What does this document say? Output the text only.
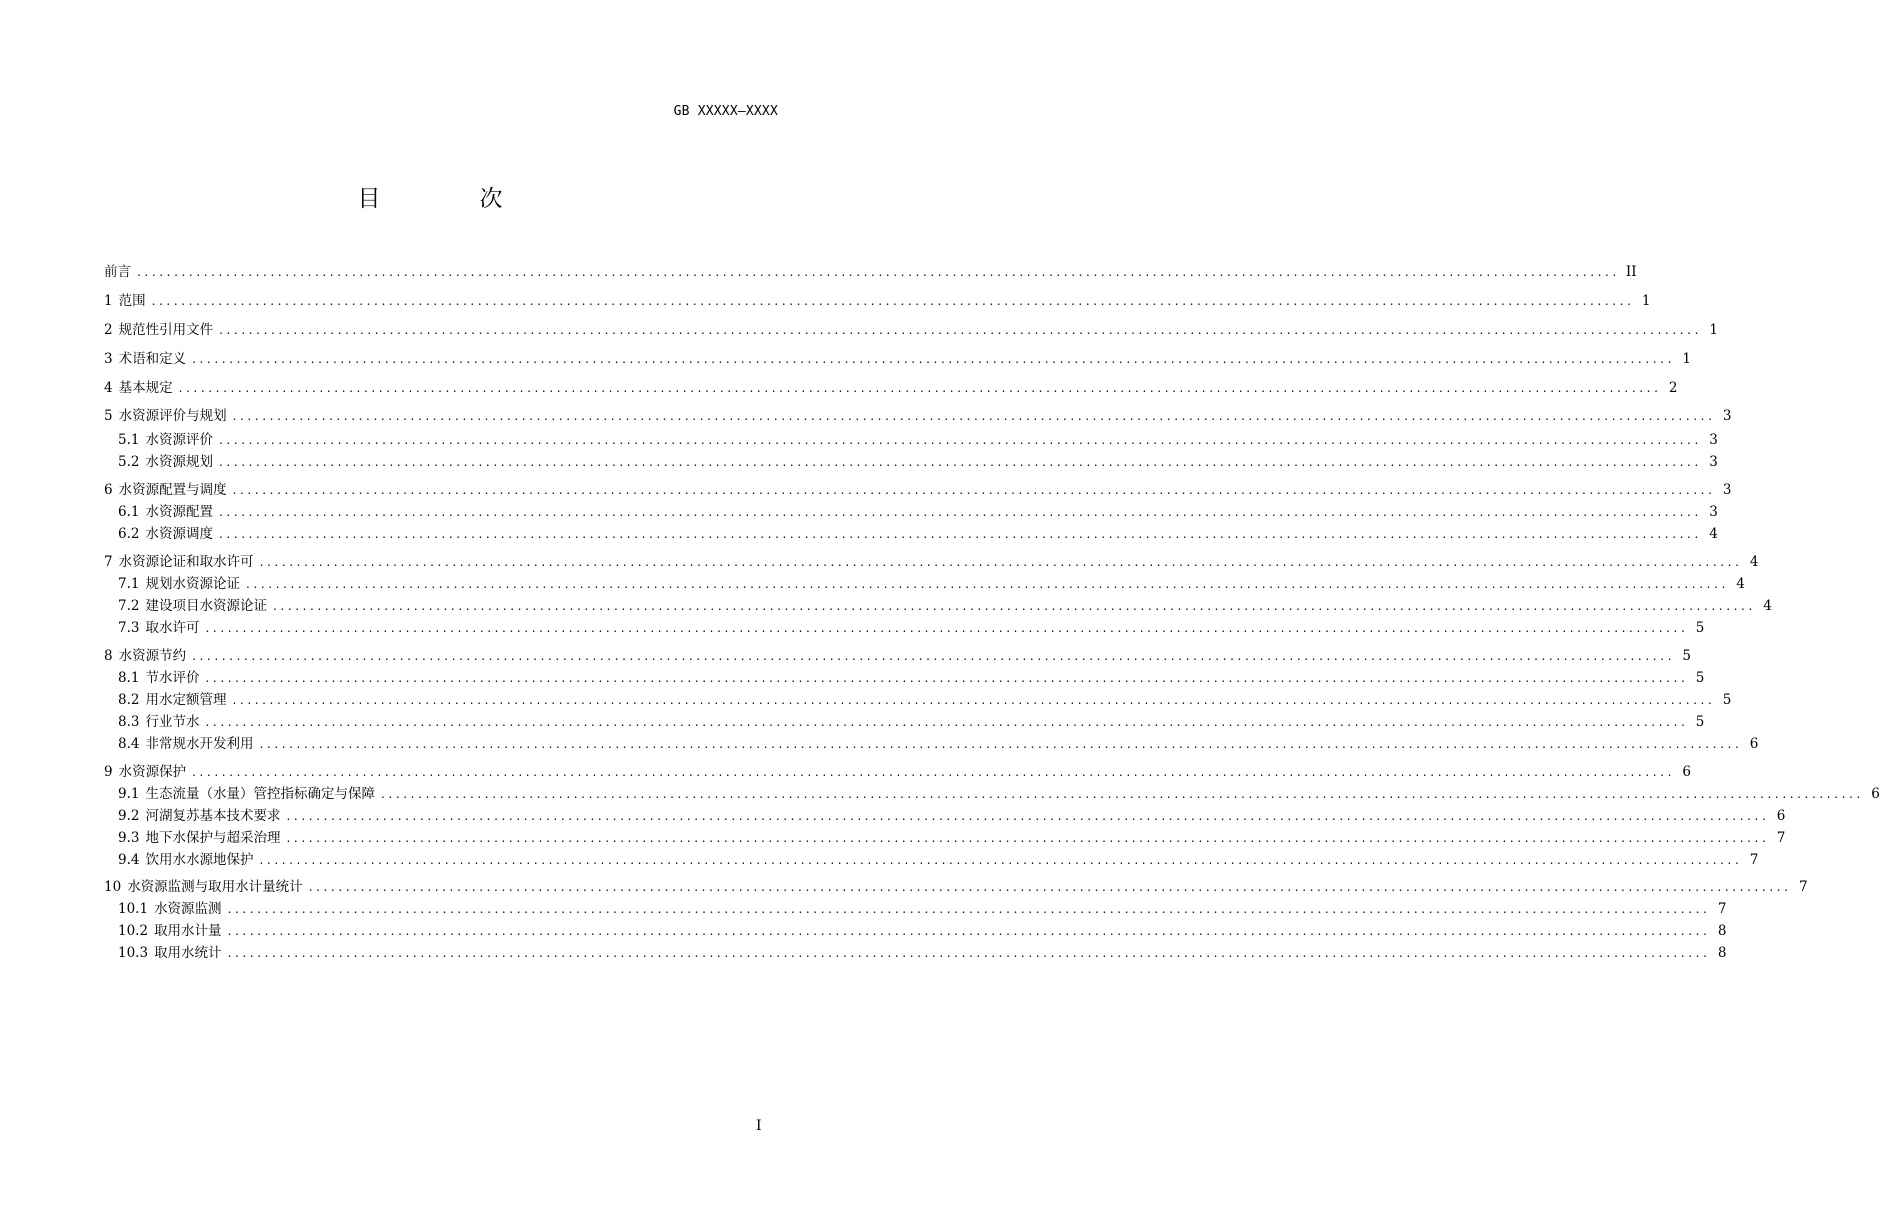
GB XXXXX—XXXX
目　次
前言 ........................................................................................................................................................................................................ II
1 范围 ........................................................................................................................................................................................................ 1
2 规范性引用文件 ........................................................................................................................................................................................................ 1
3 术语和定义 ........................................................................................................................................................................................................ 1
4 基本规定 ........................................................................................................................................................................................................ 2
5 水资源评价与规划 ........................................................................................................................................................................................................ 3
5.1 水资源评价 ........................................................................................................................................................................................................ 3
5.2 水资源规划 ........................................................................................................................................................................................................ 3
6 水资源配置与调度 ........................................................................................................................................................................................................ 3
6.1 水资源配置 ........................................................................................................................................................................................................ 3
6.2 水资源调度 ........................................................................................................................................................................................................ 4
7 水资源论证和取水许可 ........................................................................................................................................................................................................ 4
7.1 规划水资源论证 ........................................................................................................................................................................................................ 4
7.2 建设项目水资源论证 ........................................................................................................................................................................................................ 4
7.3 取水许可 ........................................................................................................................................................................................................ 5
8 水资源节约 ........................................................................................................................................................................................................ 5
8.1 节水评价 ........................................................................................................................................................................................................ 5
8.2 用水定额管理 ........................................................................................................................................................................................................ 5
8.3 行业节水 ........................................................................................................................................................................................................ 5
8.4 非常规水开发利用 ........................................................................................................................................................................................................ 6
9 水资源保护 ........................................................................................................................................................................................................ 6
9.1 生态流量（水量）管控指标确定与保障 ........................................................................................................................................................................................................ 6
9.2 河湖复苏基本技术要求 ........................................................................................................................................................................................................ 6
9.3 地下水保护与超采治理 ........................................................................................................................................................................................................ 7
9.4 饮用水水源地保护 ........................................................................................................................................................................................................ 7
10 水资源监测与取用水计量统计 ........................................................................................................................................................................................................ 7
10.1 水资源监测 ........................................................................................................................................................................................................ 7
10.2 取用水计量 ........................................................................................................................................................................................................ 8
10.3 取用水统计 ........................................................................................................................................................................................................ 8
I
